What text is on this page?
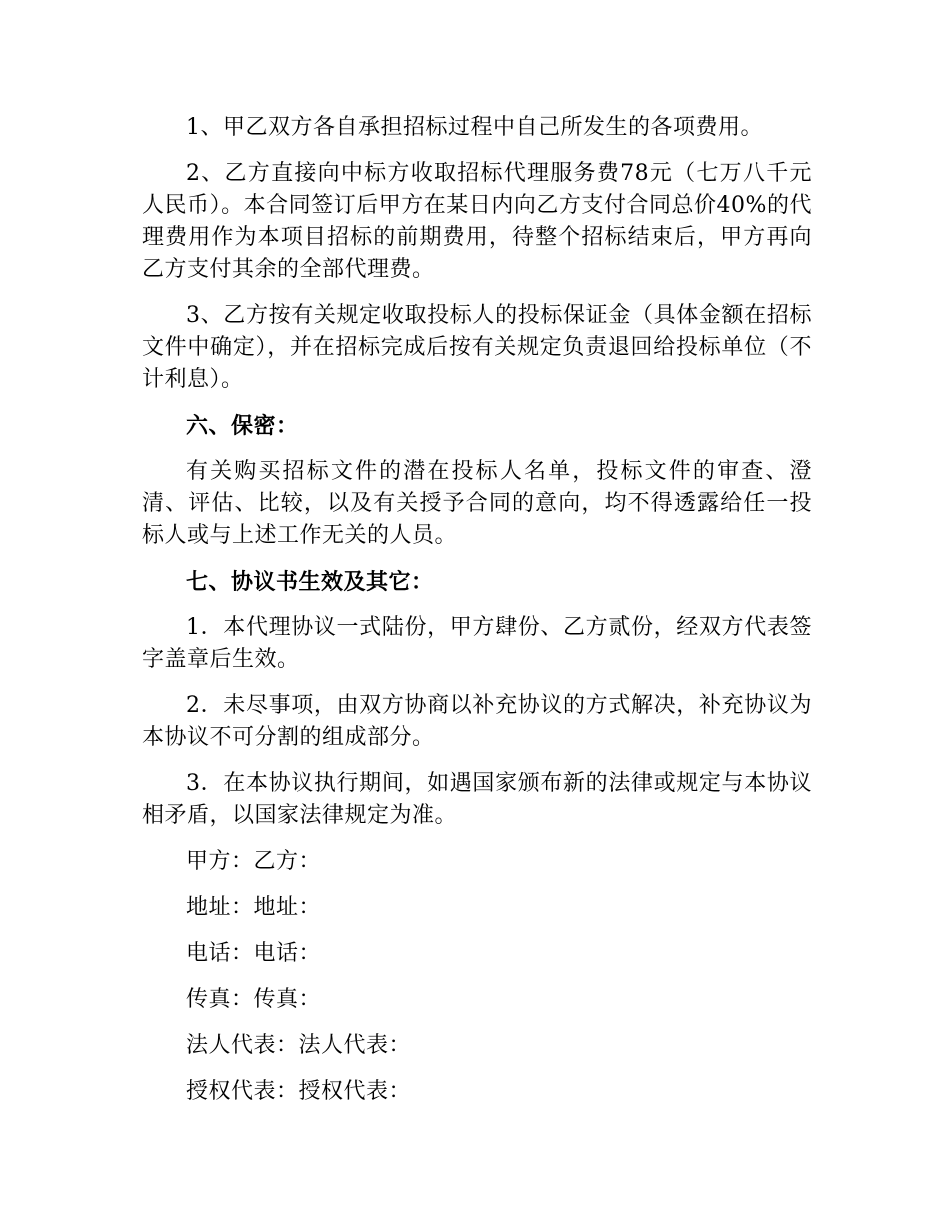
1、甲乙双方各自承担招标过程中自己所发生的各项费用。

2、乙方直接向中标方收取招标代理服务费78元（七万八千元人民币）。本合同签订后甲方在某日内向乙方支付合同总价40%的代理费用作为本项目招标的前期费用，待整个招标结束后，甲方再向乙方支付其余的全部代理费。

3、乙方按有关规定收取投标人的投标保证金（具体金额在招标文件中确定），并在招标完成后按有关规定负责退回给投标单位（不计利息）。

六、保密：

有关购买招标文件的潜在投标人名单，投标文件的审查、澄清、评估、比较，以及有关授予合同的意向，均不得透露给任一投标人或与上述工作无关的人员。

七、协议书生效及其它：

1．本代理协议一式陆份，甲方肆份、乙方贰份，经双方代表签字盖章后生效。

2．未尽事项，由双方协商以补充协议的方式解决，补充协议为本协议不可分割的组成部分。

3．在本协议执行期间，如遇国家颁布新的法律或规定与本协议相矛盾，以国家法律规定为准。

甲方：乙方：

地址：地址：

电话：电话：

传真：传真：

法人代表：法人代表：

授权代表：授权代表：
